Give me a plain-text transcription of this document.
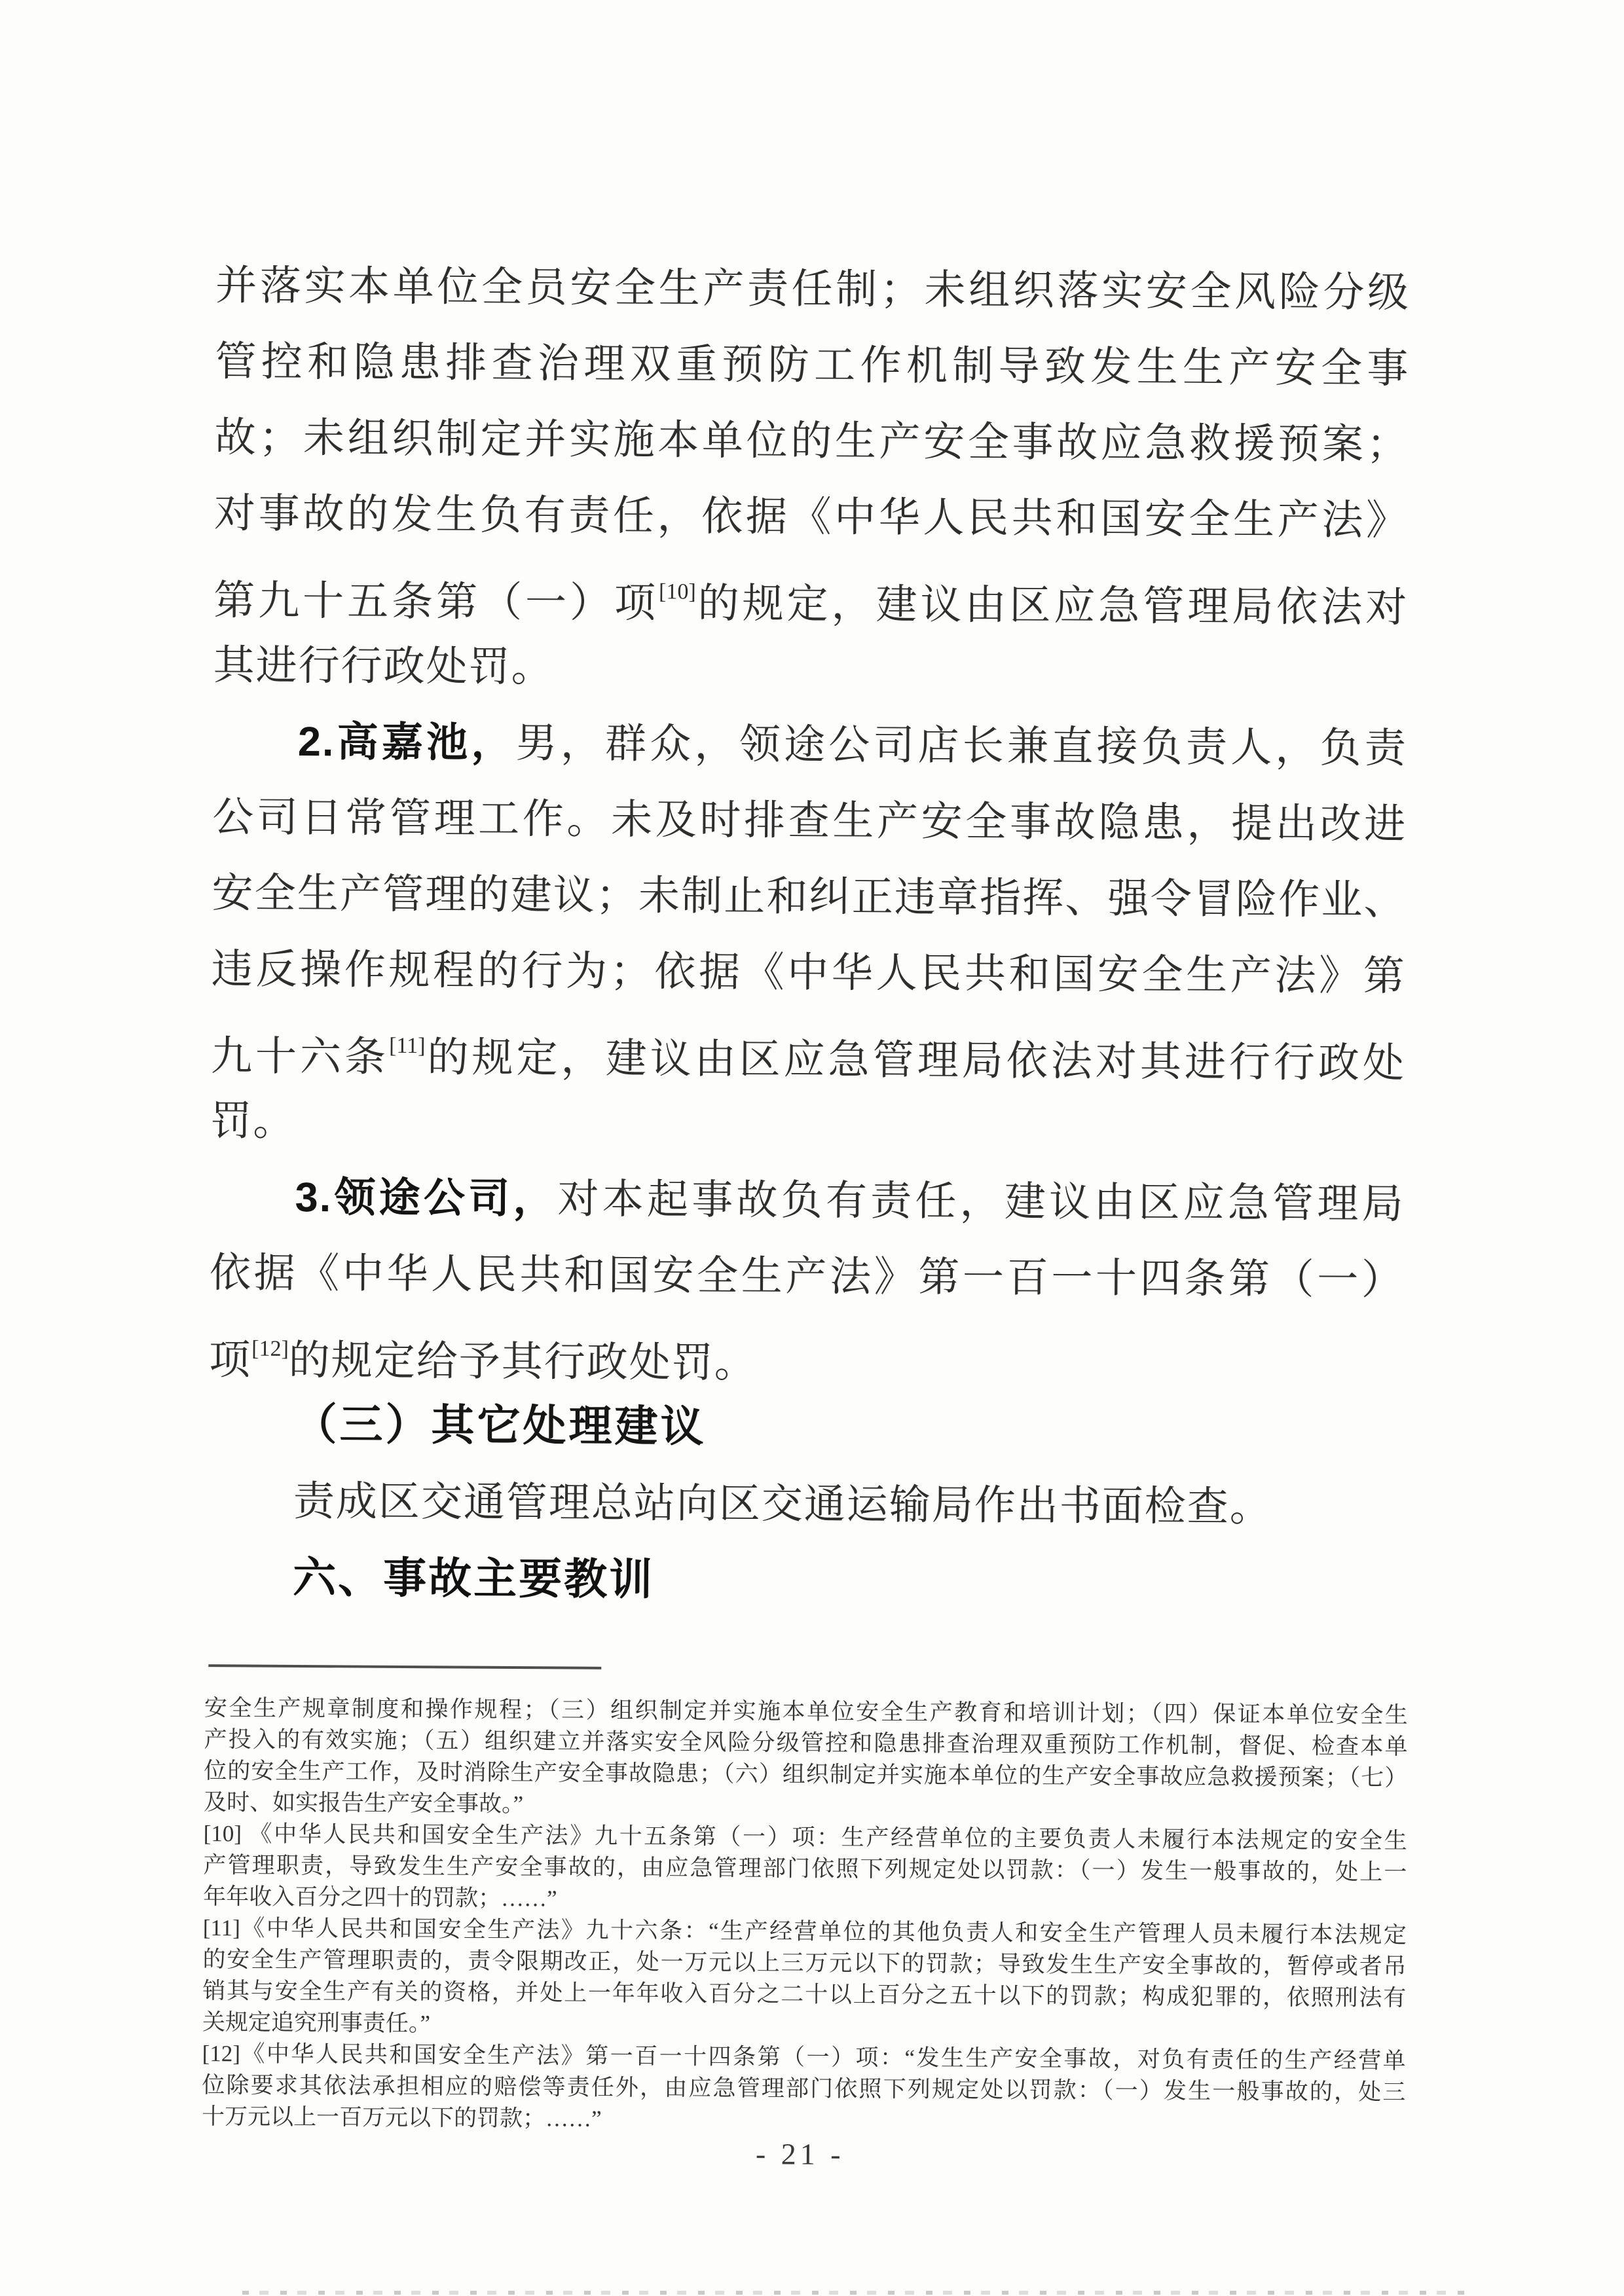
并落实本单位全员安全生产责任制；未组织落实安全风险分级
管控和隐患排查治理双重预防工作机制导致发生生产安全事
故；未组织制定并实施本单位的生产安全事故应急救援预案；
对事故的发生负有责任，依据《中华人民共和国安全生产法》
第九十五条第（一）项[10]的规定，建议由区应急管理局依法对
其进行行政处罚。
2.高嘉池，男，群众，领途公司店长兼直接负责人，负责
公司日常管理工作。未及时排查生产安全事故隐患，提出改进
安全生产管理的建议；未制止和纠正违章指挥、强令冒险作业、
违反操作规程的行为；依据《中华人民共和国安全生产法》第
九十六条[11]的规定，建议由区应急管理局依法对其进行行政处
罚。
3.领途公司，对本起事故负有责任，建议由区应急管理局
依据《中华人民共和国安全生产法》第一百一十四条第（一）
项[12]的规定给予其行政处罚。
（三）其它处理建议
责成区交通管理总站向区交通运输局作出书面检查。
六、事故主要教训
安全生产规章制度和操作规程；（三）组织制定并实施本单位安全生产教育和培训计划；（四）保证本单位安全生
产投入的有效实施；（五）组织建立并落实安全风险分级管控和隐患排查治理双重预防工作机制，督促、检查本单
位的安全生产工作，及时消除生产安全事故隐患；（六）组织制定并实施本单位的生产安全事故应急救援预案；（七）
及时、如实报告生产安全事故。”
[10] 《中华人民共和国安全生产法》九十五条第（一）项：生产经营单位的主要负责人未履行本法规定的安全生
产管理职责，导致发生生产安全事故的，由应急管理部门依照下列规定处以罚款：（一）发生一般事故的，处上一
年年收入百分之四十的罚款；……”
[11]《中华人民共和国安全生产法》九十六条：“生产经营单位的其他负责人和安全生产管理人员未履行本法规定
的安全生产管理职责的，责令限期改正，处一万元以上三万元以下的罚款；导致发生生产安全事故的，暂停或者吊
销其与安全生产有关的资格，并处上一年年收入百分之二十以上百分之五十以下的罚款；构成犯罪的，依照刑法有
关规定追究刑事责任。”
[12]《中华人民共和国安全生产法》第一百一十四条第（一）项：“发生生产安全事故，对负有责任的生产经营单
位除要求其依法承担相应的赔偿等责任外，由应急管理部门依照下列规定处以罚款：（一）发生一般事故的，处三
十万元以上一百万元以下的罚款；……”
- 21 -
